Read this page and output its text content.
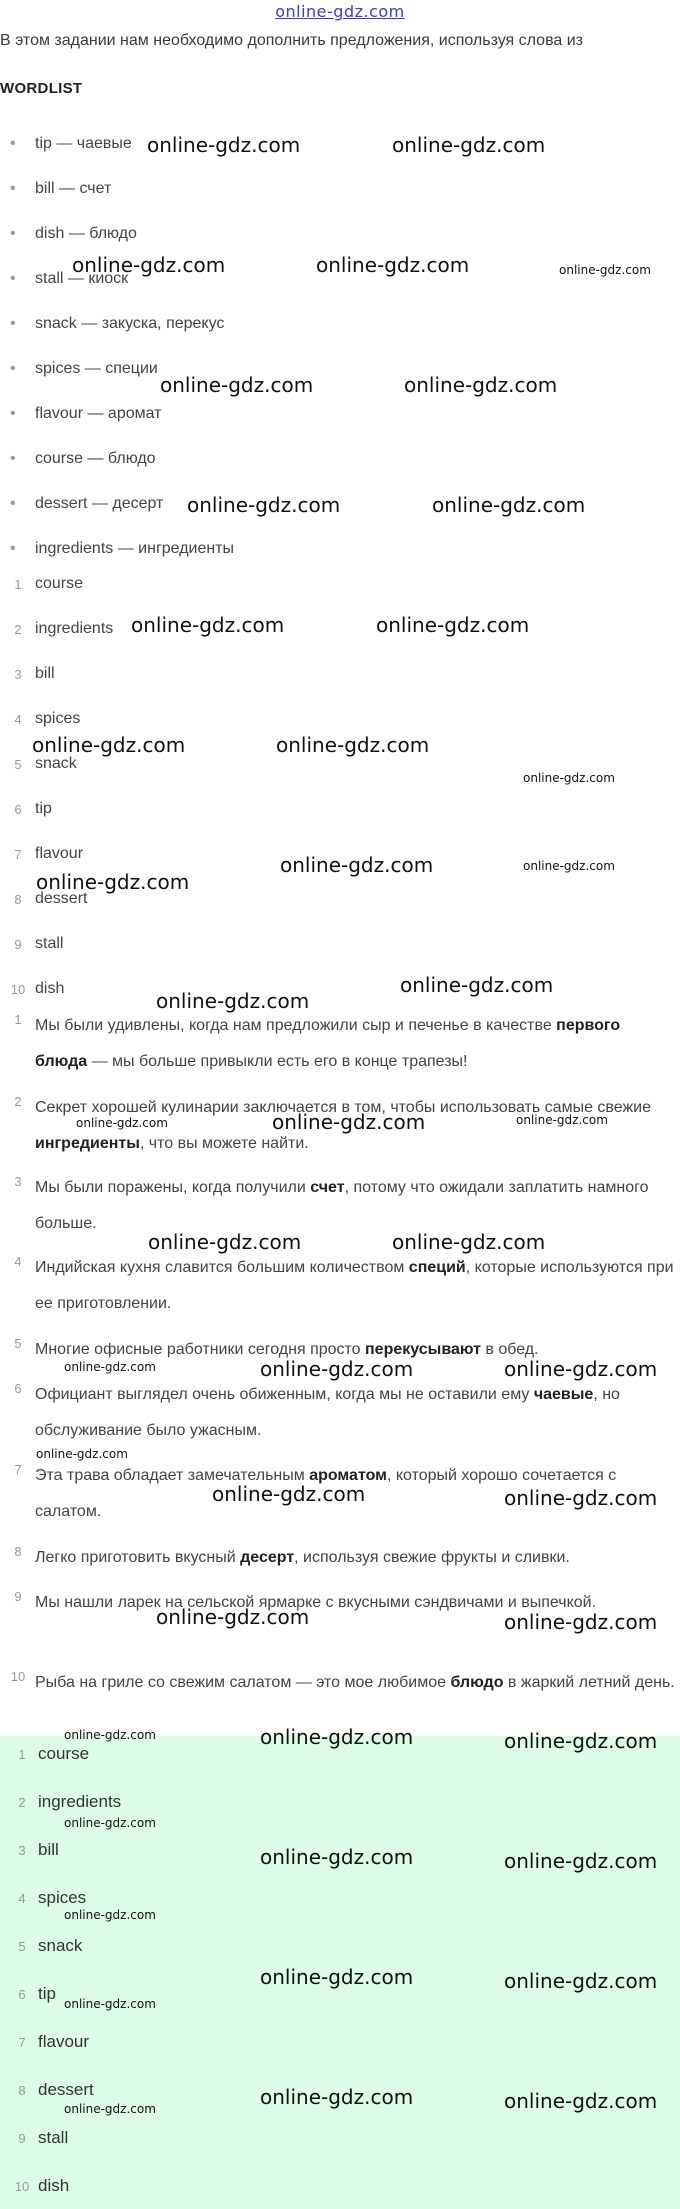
online-gdz.com
В этом задании нам необходимо дополнить предложения, используя слова из
WORDLIST
• tip — чаевые
• bill — счет
• dish — блюдо
• stall — киоск
• snack — закуска, перекус
• spices — специи
• flavour — аромат
• course — блюдо
• dessert — десерт
• ingredients — ингредиенты
1 course
2 ingredients
3 bill
4 spices
5 snack
6 tip
7 flavour
8 dessert
9 stall
10 dish
1 Мы были удивлены, когда нам предложили сыр и печенье в качестве первого блюда — мы больше привыкли есть его в конце трапезы!
2 Секрет хорошей кулинарии заключается в том, чтобы использовать самые свежие ингредиенты, что вы можете найти.
3 Мы были поражены, когда получили счет, потому что ожидали заплатить намного больше.
4 Индийская кухня славится большим количеством специй, которые используются при ее приготовлении.
5 Многие офисные работники сегодня просто перекусывают в обед.
6 Официант выглядел очень обиженным, когда мы не оставили ему чаевые, но обслуживание было ужасным.
7 Эта трава обладает замечательным ароматом, который хорошо сочетается с салатом.
8 Легко приготовить вкусный десерт, используя свежие фрукты и сливки.
9 Мы нашли ларек на сельской ярмарке с вкусными сэндвичами и выпечкой.
10 Рыба на гриле со свежим салатом — это мое любимое блюдо в жаркий летний день.
1 course
2 ingredients
3 bill
4 spices
5 snack
6 tip
7 flavour
8 dessert
9 stall
10 dish
online-gdz.com	online-gdz.com
online-gdz.com	online-gdz.com	online-gdz.com
online-gdz.com	online-gdz.com
online-gdz.com	online-gdz.com
online-gdz.com	online-gdz.com
online-gdz.com	online-gdz.com
online-gdz.com
online-gdz.com	online-gdz.com
online-gdz.com
online-gdz.com
online-gdz.com
online-gdz.com	online-gdz.com	online-gdz.com
online-gdz.com	online-gdz.com
online-gdz.com	online-gdz.com	online-gdz.com
online-gdz.com
online-gdz.com	online-gdz.com
online-gdz.com	online-gdz.com
online-gdz.com	online-gdz.com	online-gdz.com
online-gdz.com
online-gdz.com	online-gdz.com
online-gdz.com
online-gdz.com
online-gdz.com	online-gdz.com
online-gdz.com	online-gdz.com	online-gdz.com
